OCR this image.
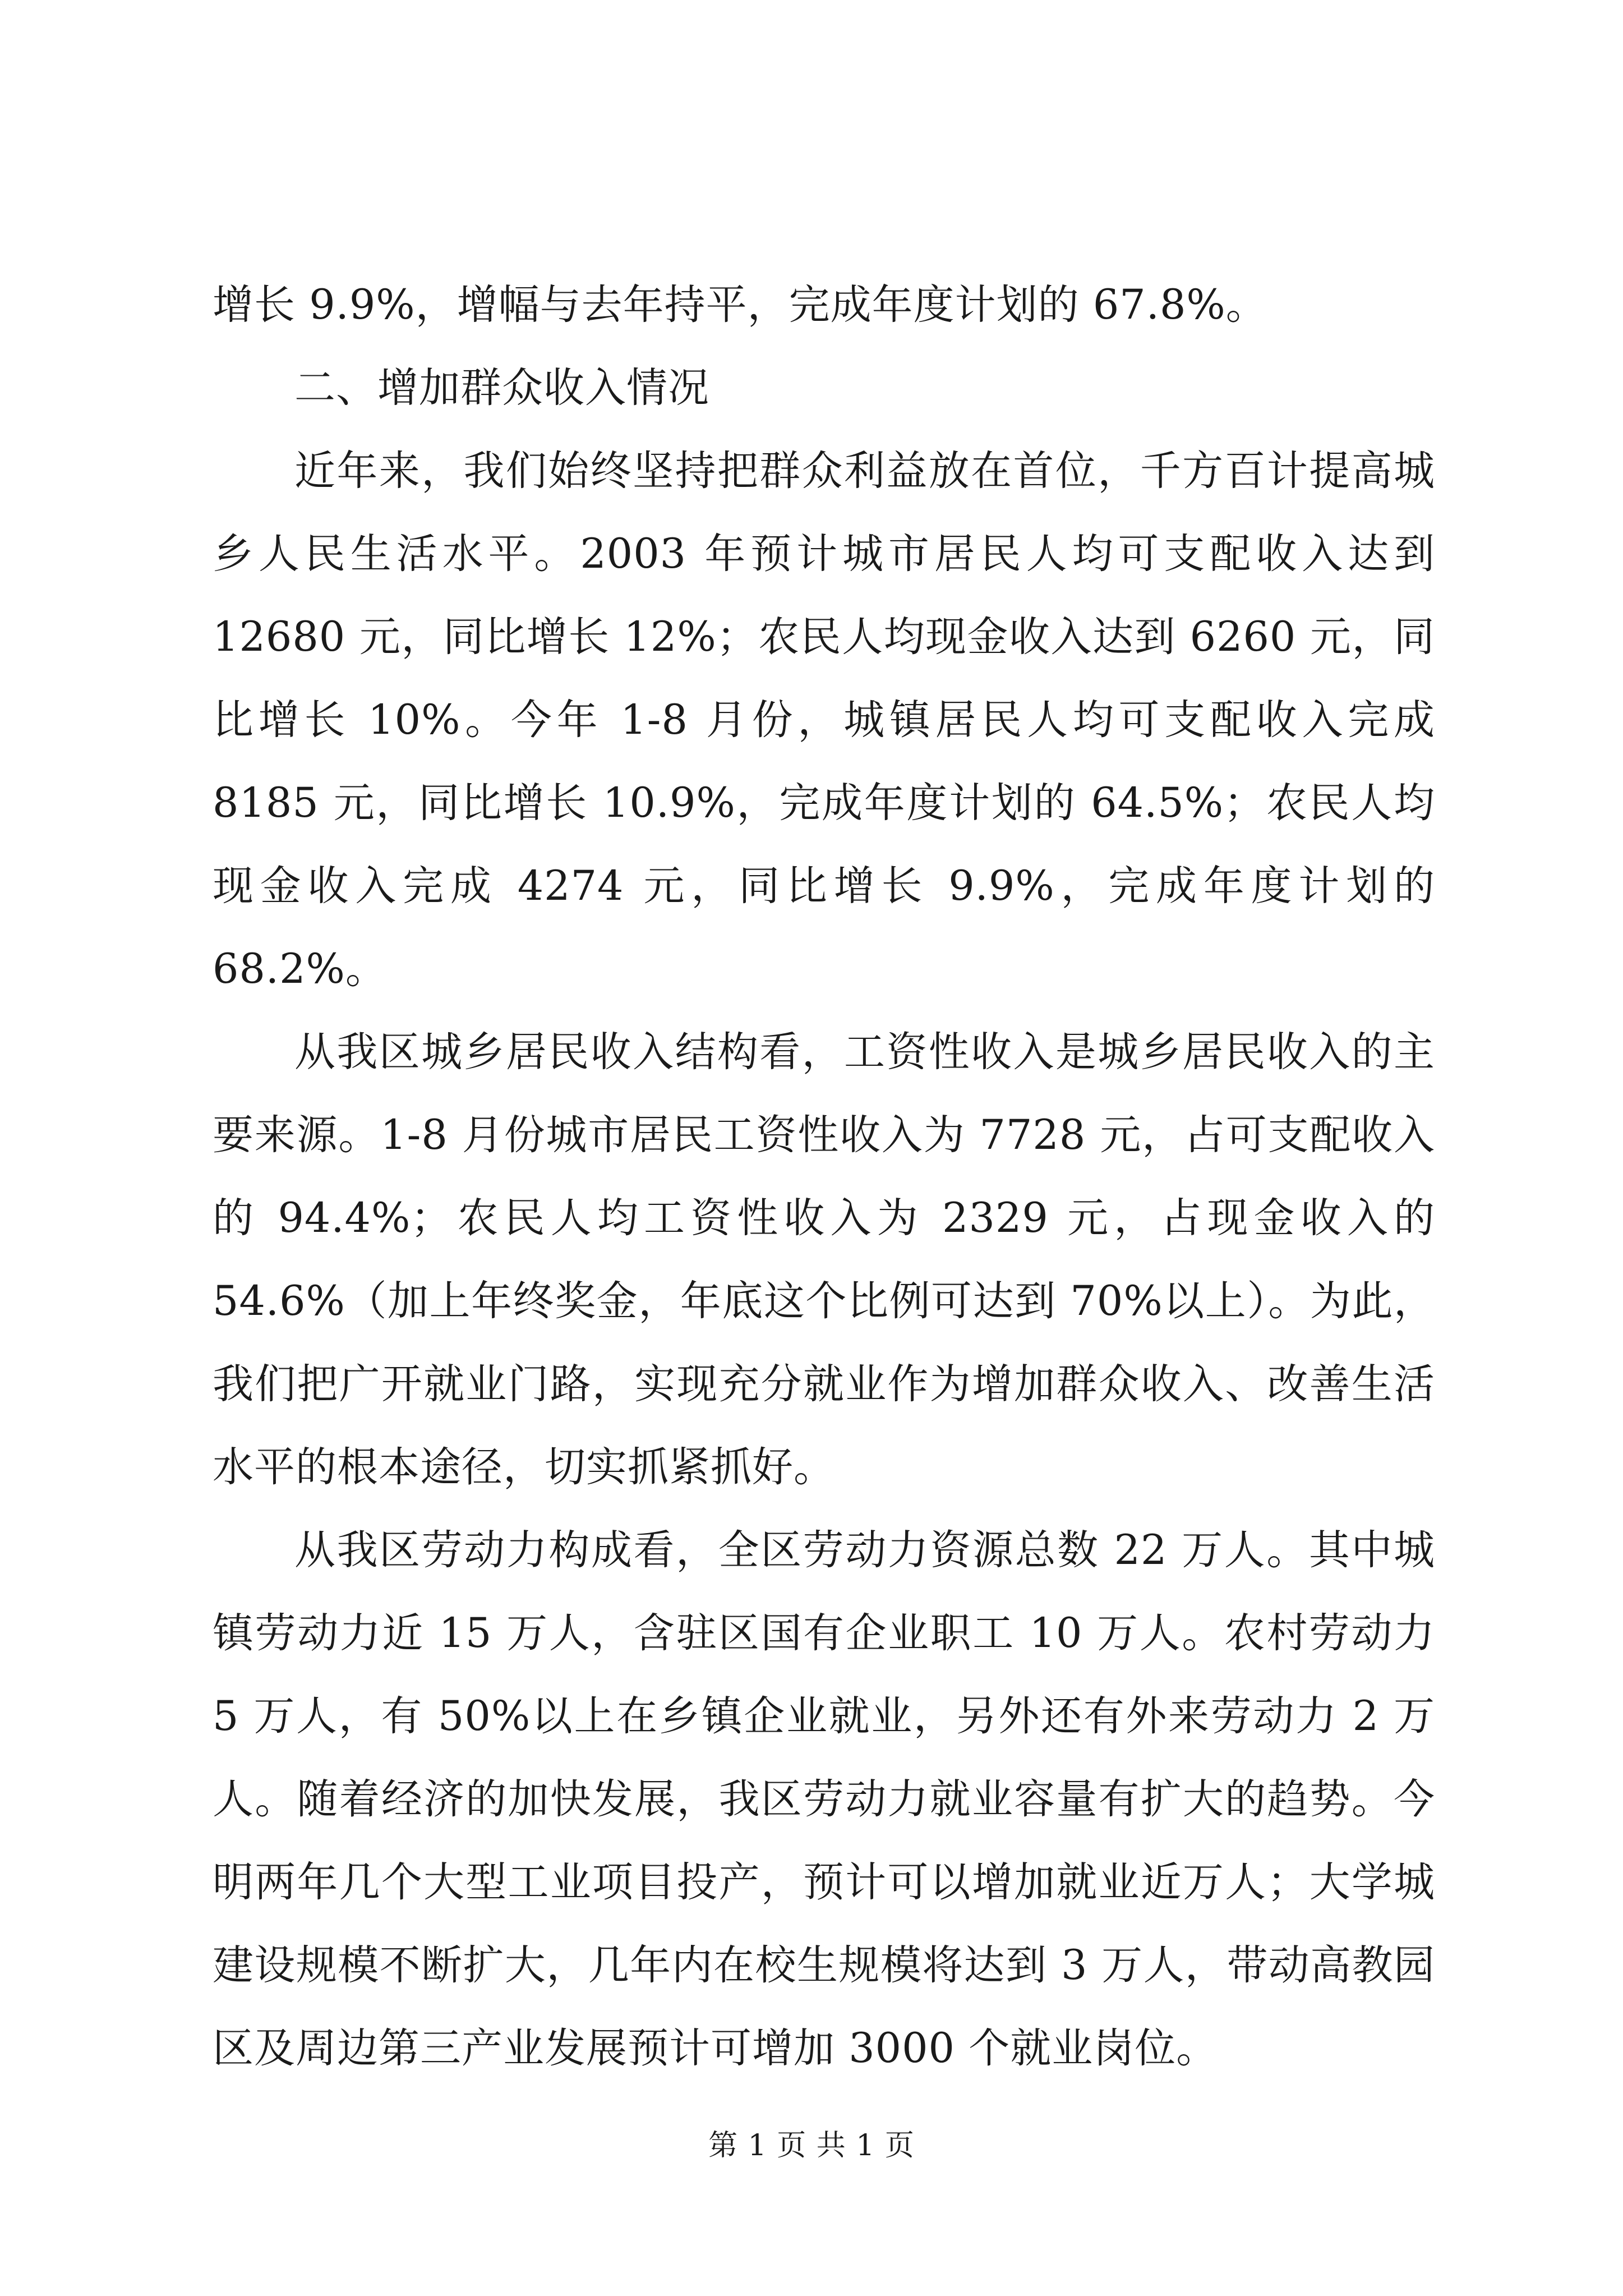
增长 9.9%，增幅与去年持平，完成年度计划的 67.8%。

二、增加群众收入情况

近年来，我们始终坚持把群众利益放在首位，千方百计提高城乡人民生活水平。2003 年预计城市居民人均可支配收入达到 12680 元，同比增长 12%；农民人均现金收入达到 6260 元，同比增长 10%。今年 1-8 月份，城镇居民人均可支配收入完成 8185 元，同比增长 10.9%，完成年度计划的 64.5%；农民人均现金收入完成 4274 元，同比增长 9.9%，完成年度计划的 68.2%。

从我区城乡居民收入结构看，工资性收入是城乡居民收入的主要来源。1-8 月份城市居民工资性收入为 7728 元，占可支配收入的 94.4%；农民人均工资性收入为 2329 元，占现金收入的 54.6%（加上年终奖金，年底这个比例可达到 70%以上）。为此，我们把广开就业门路，实现充分就业作为增加群众收入、改善生活水平的根本途径，切实抓紧抓好。

从我区劳动力构成看，全区劳动力资源总数 22 万人。其中城镇劳动力近 15 万人，含驻区国有企业职工 10 万人。农村劳动力 5 万人，有 50%以上在乡镇企业就业，另外还有外来劳动力 2 万人。随着经济的加快发展，我区劳动力就业容量有扩大的趋势。今明两年几个大型工业项目投产，预计可以增加就业近万人；大学城建设规模不断扩大，几年内在校生规模将达到 3 万人，带动高教园区及周边第三产业发展预计可增加 3000 个就业岗位。

第 1 页 共 1 页
